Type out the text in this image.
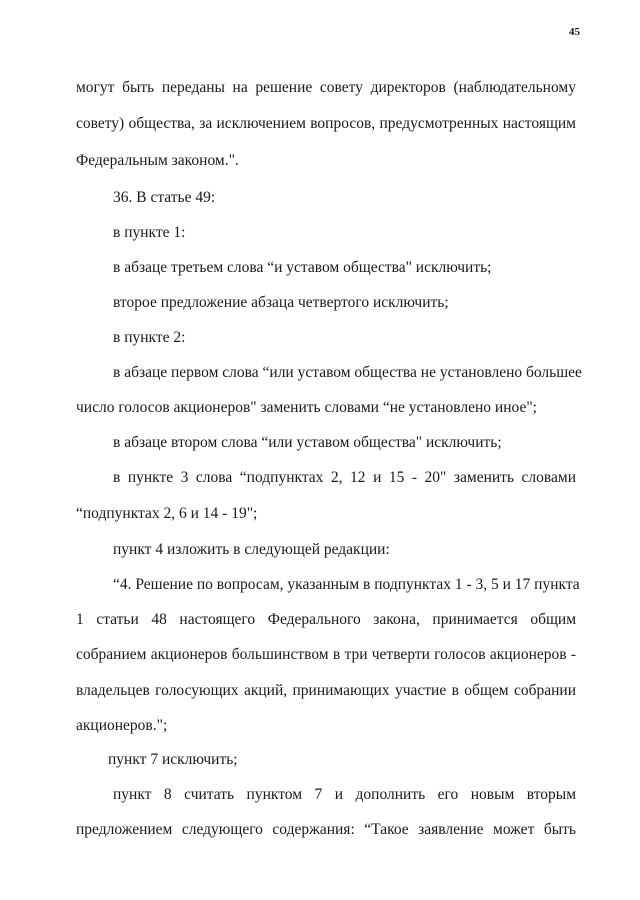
45
могут быть переданы на решение совету директоров (наблюдательному
совету) общества, за исключением вопросов, предусмотренных настоящим
Федеральным законом.".
36. В статье 49:
в пункте 1:
в абзаце третьем слова “и уставом общества" исключить;
второе предложение абзаца четвертого исключить;
в пункте 2:
в абзаце первом слова “или уставом общества не установлено большее
число голосов акционеров" заменить словами “не установлено иное";
в абзаце втором слова “или уставом общества" исключить;
в пункте 3 слова “подпунктах 2, 12 и 15 - 20" заменить словами
“подпунктах 2, 6 и 14 - 19";
пункт 4 изложить в следующей редакции:
“4. Решение по вопросам, указанным в подпунктах 1 - 3, 5 и 17 пункта
1 статьи 48 настоящего Федерального закона, принимается общим
собранием акционеров большинством в три четверти голосов акционеров -
владельцев голосующих акций, принимающих участие в общем собрании
акционеров.";
пункт 7 исключить;
пункт 8 считать пунктом 7 и дополнить его новым вторым
предложением следующего содержания: “Такое заявление может быть
